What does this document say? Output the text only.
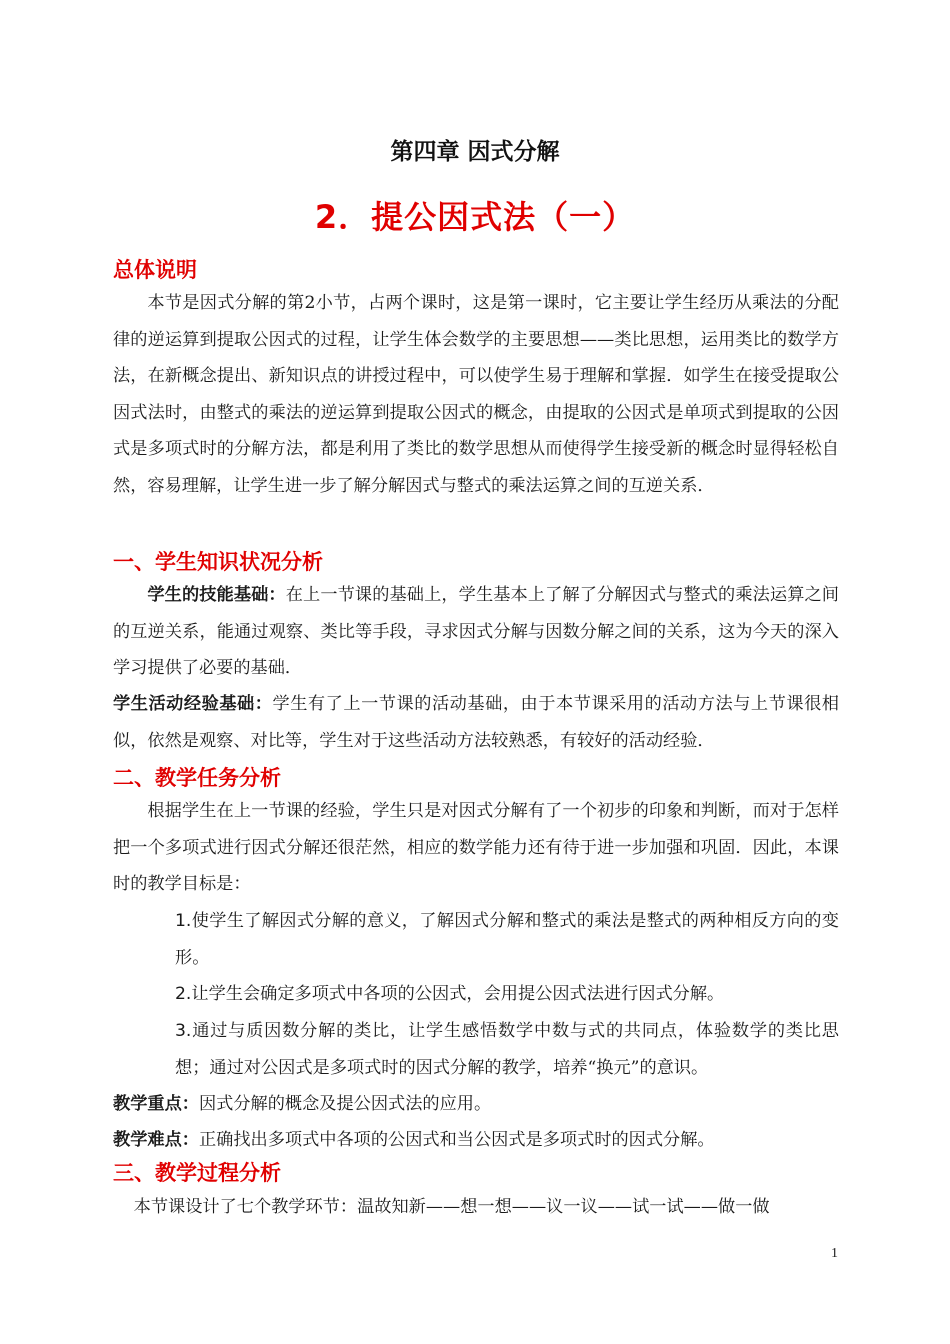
第四章 因式分解
2．提公因式法（一）
总体说明
本节是因式分解的第2小节，占两个课时，这是第一课时，它主要让学生经历从乘法的分配律的逆运算到提取公因式的过程，让学生体会数学的主要思想——类比思想，运用类比的数学方法，在新概念提出、新知识点的讲授过程中，可以使学生易于理解和掌握．如学生在接受提取公因式法时，由整式的乘法的逆运算到提取公因式的概念，由提取的公因式是单项式到提取的公因式是多项式时的分解方法，都是利用了类比的数学思想从而使得学生接受新的概念时显得轻松自然，容易理解，让学生进一步了解分解因式与整式的乘法运算之间的互逆关系．
一、学生知识状况分析
学生的技能基础：在上一节课的基础上，学生基本上了解了分解因式与整式的乘法运算之间的互逆关系，能通过观察、类比等手段，寻求因式分解与因数分解之间的关系，这为今天的深入学习提供了必要的基础．
学生活动经验基础：学生有了上一节课的活动基础，由于本节课采用的活动方法与上节课很相似，依然是观察、对比等，学生对于这些活动方法较熟悉，有较好的活动经验．
二、教学任务分析
根据学生在上一节课的经验，学生只是对因式分解有了一个初步的印象和判断，而对于怎样把一个多项式进行因式分解还很茫然，相应的数学能力还有待于进一步加强和巩固．因此，本课时的教学目标是：
1.使学生了解因式分解的意义，了解因式分解和整式的乘法是整式的两种相反方向的变形。
2.让学生会确定多项式中各项的公因式，会用提公因式法进行因式分解。
3.通过与质因数分解的类比，让学生感悟数学中数与式的共同点，体验数学的类比思想；通过对公因式是多项式时的因式分解的教学，培养“换元”的意识。
教学重点：因式分解的概念及提公因式法的应用。
教学难点：正确找出多项式中各项的公因式和当公因式是多项式时的因式分解。
三、教学过程分析
本节课设计了七个教学环节：温故知新——想一想——议一议——试一试——做一做
1
